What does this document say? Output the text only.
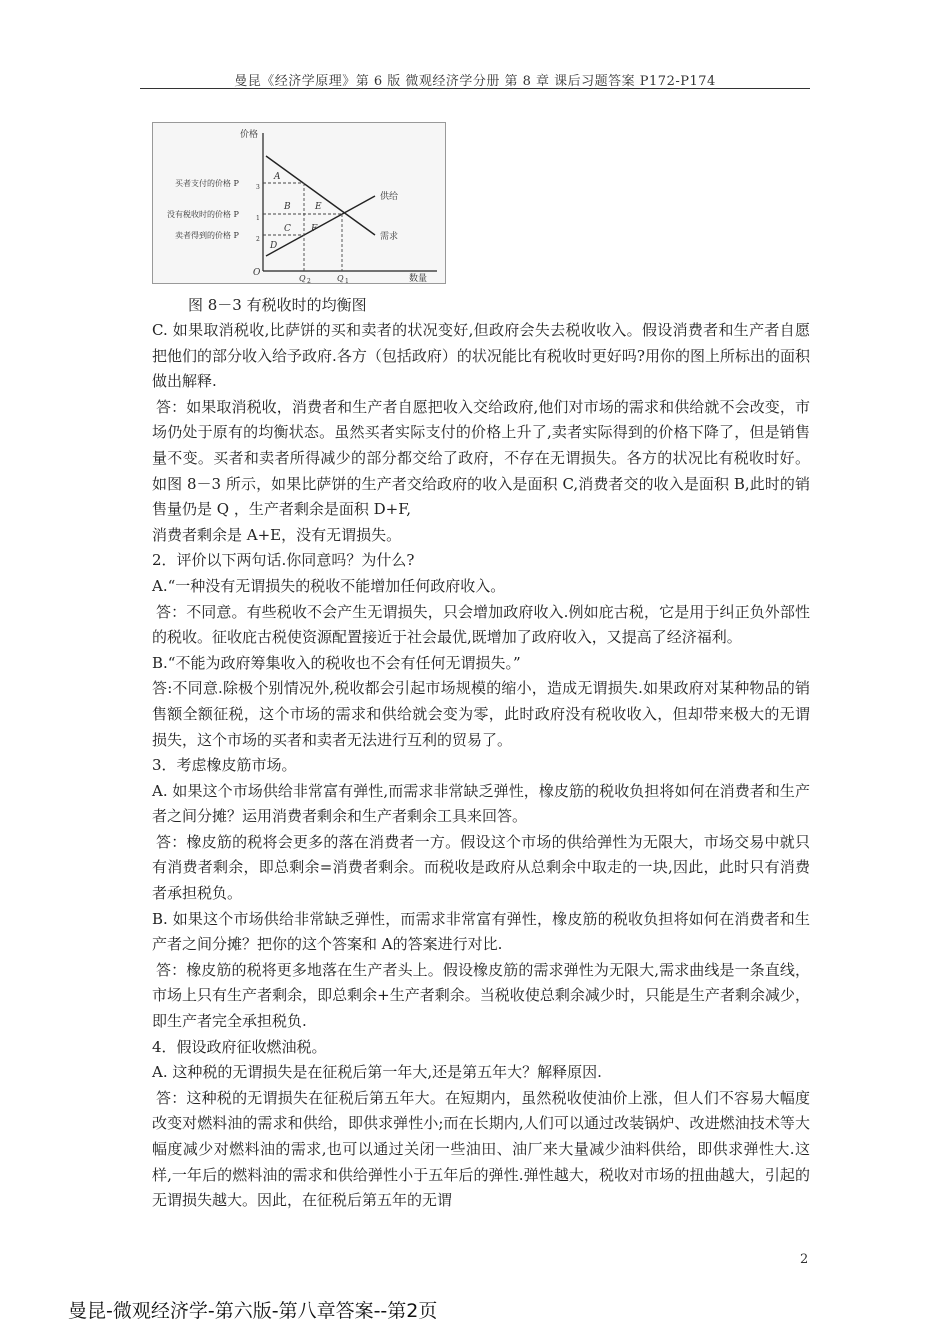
曼昆《经济学原理》第 6 版 微观经济学分册 第 8 章 课后习题答案 P172-P174
价格
数量
O
买者支付的价格 P	3
没有税收时的价格 P	1
卖者得到的价格 P	2
供给
需求
A
B
C
D
E
F
Q 2	Q 1
图 8－3 有税收时的均衡图

C. 如果取消税收,比萨饼的买和卖者的状况变好,但政府会失去税收收入。假设消费者和生产者自愿把他们的部分收入给予政府.各方（包括政府）的状况能比有税收时更好吗?用你的图上所标出的面积做出解释.

答：如果取消税收，消费者和生产者自愿把收入交给政府,他们对市场的需求和供给就不会改变，市场仍处于原有的均衡状态。虽然买者实际支付的价格上升了,卖者实际得到的价格下降了，但是销售量不变。买者和卖者所得减少的部分都交给了政府，不存在无谓损失。各方的状况比有税收时好。如图 8－3 所示，如果比萨饼的生产者交给政府的收入是面积 C,消费者交的收入是面积 B,此时的销售量仍是 Q ，生产者剩余是面积 D+F,

消费者剩余是 A+E，没有无谓损失。

2．评价以下两句话.你同意吗？为什么?

A.“一种没有无谓损失的税收不能增加任何政府收入。

答：不同意。有些税收不会产生无谓损失，只会增加政府收入.例如庇古税，它是用于纠正负外部性的税收。征收庇古税使资源配置接近于社会最优,既增加了政府收入，又提高了经济福利。

B.“不能为政府筹集收入的税收也不会有任何无谓损失。”

答:不同意.除极个别情况外,税收都会引起市场规模的缩小，造成无谓损失.如果政府对某种物品的销售额全额征税，这个市场的需求和供给就会变为零，此时政府没有税收收入，但却带来极大的无谓损失，这个市场的买者和卖者无法进行互利的贸易了。

3．考虑橡皮筋市场。

A. 如果这个市场供给非常富有弹性,而需求非常缺乏弹性，橡皮筋的税收负担将如何在消费者和生产者之间分摊？运用消费者剩余和生产者剩余工具来回答。

答：橡皮筋的税将会更多的落在消费者一方。假设这个市场的供给弹性为无限大，市场交易中就只有消费者剩余，即总剩余=消费者剩余。而税收是政府从总剩余中取走的一块,因此，此时只有消费者承担税负。

B. 如果这个市场供给非常缺乏弹性，而需求非常富有弹性，橡皮筋的税收负担将如何在消费者和生产者之间分摊？把你的这个答案和 A的答案进行对比.

答：橡皮筋的税将更多地落在生产者头上。假设橡皮筋的需求弹性为无限大,需求曲线是一条直线，市场上只有生产者剩余，即总剩余+生产者剩余。当税收使总剩余减少时，只能是生产者剩余减少，即生产者完全承担税负.

4．假设政府征收燃油税。

A. 这种税的无谓损失是在征税后第一年大,还是第五年大？解释原因.

答：这种税的无谓损失在征税后第五年大。在短期内，虽然税收使油价上涨，但人们不容易大幅度改变对燃料油的需求和供给，即供求弹性小;而在长期内,人们可以通过改装锅炉、改进燃油技术等大幅度减少对燃料油的需求,也可以通过关闭一些油田、油厂来大量减少油料供给，即供求弹性大.这样,一年后的燃料油的需求和供给弹性小于五年后的弹性.弹性越大，税收对市场的扭曲越大，引起的无谓损失越大。因此，在征税后第五年的无谓

2
曼昆-微观经济学-第六版-第八章答案--第2页
